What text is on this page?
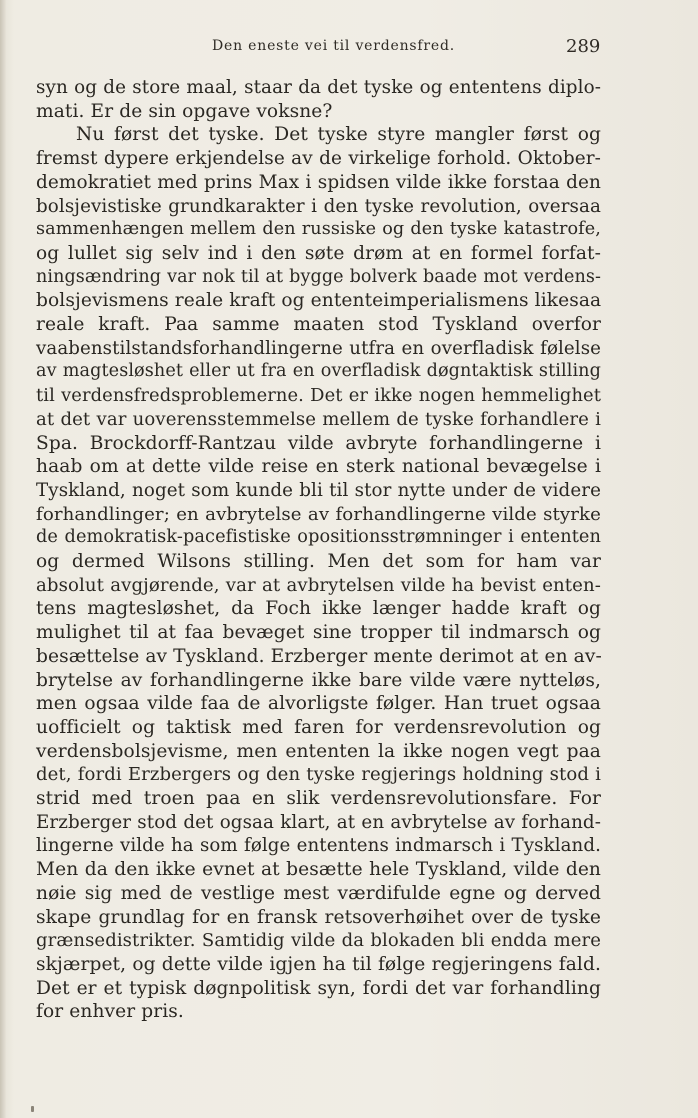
Den eneste vei til verdensfred.	289
syn og de store maal, staar da det tyske og ententens diplo-
mati. Er de sin opgave voksne?
Nu først det tyske. Det tyske styre mangler først og
fremst dypere erkjendelse av de virkelige forhold. Oktober-
demokratiet med prins Max i spidsen vilde ikke forstaa den
bolsjevistiske grundkarakter i den tyske revolution, oversaa
sammenhængen mellem den russiske og den tyske katastrofe,
og lullet sig selv ind i den søte drøm at en formel forfat-
ningsændring var nok til at bygge bolverk baade mot verdens-
bolsjevismens reale kraft og ententeimperialismens likesaa
reale kraft. Paa samme maaten stod Tyskland overfor
vaabenstilstandsforhandlingerne utfra en overfladisk følelse
av magtesløshet eller ut fra en overfladisk døgntaktisk stilling
til verdensfredsproblemerne. Det er ikke nogen hemmelighet
at det var uoverensstemmelse mellem de tyske forhandlere i
Spa. Brockdorff-Rantzau vilde avbryte forhandlingerne i
haab om at dette vilde reise en sterk national bevægelse i
Tyskland, noget som kunde bli til stor nytte under de videre
forhandlinger; en avbrytelse av forhandlingerne vilde styrke
de demokratisk-pacefistiske opositionsstrømninger i ententen
og dermed Wilsons stilling. Men det som for ham var
absolut avgjørende, var at avbrytelsen vilde ha bevist enten-
tens magtesløshet, da Foch ikke længer hadde kraft og
mulighet til at faa bevæget sine tropper til indmarsch og
besættelse av Tyskland. Erzberger mente derimot at en av-
brytelse av forhandlingerne ikke bare vilde være nytteløs,
men ogsaa vilde faa de alvorligste følger. Han truet ogsaa
uofficielt og taktisk med faren for verdensrevolution og
verdensbolsjevisme, men ententen la ikke nogen vegt paa
det, fordi Erzbergers og den tyske regjerings holdning stod i
strid med troen paa en slik verdensrevolutionsfare. For
Erzberger stod det ogsaa klart, at en avbrytelse av forhand-
lingerne vilde ha som følge ententens indmarsch i Tyskland.
Men da den ikke evnet at besætte hele Tyskland, vilde den
nøie sig med de vestlige mest værdifulde egne og derved
skape grundlag for en fransk retsoverhøihet over de tyske
grænsedistrikter. Samtidig vilde da blokaden bli endda mere
skjærpet, og dette vilde igjen ha til følge regjeringens fald.
Det er et typisk døgnpolitisk syn, fordi det var forhandling
for enhver pris.
